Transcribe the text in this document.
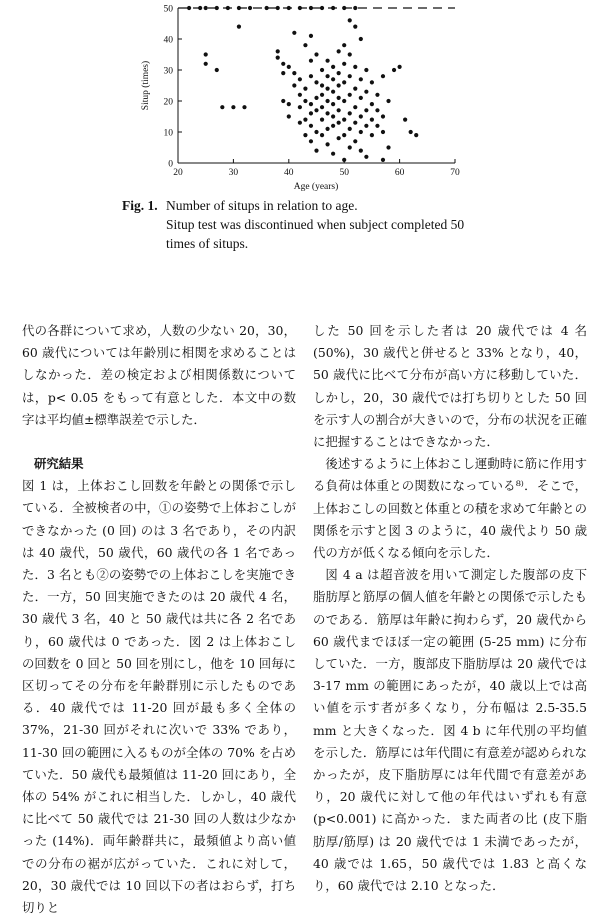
20	30	40	50	60	70
0
10
20
30
40
50
Situp (times)
Age (years)
Fig. 1. Number of situps in relation to age.
Situp test was discontinued when subject completed 50
times of situps.

代の各群について求め，人数の少ない 20，30，60 歳代については年齢別に相関を求めることはしなかった．差の検定および相関係数については，p< 0.05 をもって有意とした．本文中の数字は平均値±標準誤差で示した．

研究結果

図 1 は，上体おこし回数を年齢との関係で示している．全被検者の中，①の姿勢で上体おこしができなかった (0 回) のは 3 名であり，その内訳は 40 歳代，50 歳代，60 歳代の各 1 名であった．3 名とも②の姿勢での上体おこしを実施できた．一方，50 回実施できたのは 20 歳代 4 名，30 歳代 3 名，40 と 50 歳代は共に各 2 名であり，60 歳代は 0 であった．図 2 は上体おこしの回数を 0 回と 50 回を別にし，他を 10 回毎に区切ってその分布を年齢群別に示したものである．40 歳代では 11-20 回が最も多く全体の 37%，21-30 回がそれに次いで 33% であり，11-30 回の範囲に入るものが全体の 70% を占めていた．50 歳代も最頻値は 11-20 回にあり，全体の 54% がこれに相当した．しかし，40 歳代に比べて 50 歳代では 21-30 回の人数は少なかった (14%)．両年齢群共に，最頻値より高い値での分布の裾が広がっていた．これに対して，20，30 歳代では 10 回以下の者はおらず，打ち切りと

した 50 回を示した者は 20 歳代では 4 名 (50%)，30 歳代と併せると 33% となり，40，50 歳代に比べて分布が高い方に移動していた．しかし，20，30 歳代では打ち切りとした 50 回を示す人の割合が大きいので，分布の状況を正確に把握することはできなかった．

後述するように上体おこし運動時に筋に作用する負荷は体重との関数になっている⁸⁾．そこで，上体おこしの回数と体重との積を求めて年齢との関係を示すと図 3 のように，40 歳代より 50 歳代の方が低くなる傾向を示した．

図 4 a は超音波を用いて測定した腹部の皮下脂肪厚と筋厚の個人値を年齢との関係で示したものである．筋厚は年齢に拘わらず，20 歳代から 60 歳代までほぼ一定の範囲 (5-25 mm) に分布していた．一方，腹部皮下脂肪厚は 20 歳代では 3-17 mm の範囲にあったが，40 歳以上では高い値を示す者が多くなり，分布幅は 2.5-35.5 mm と大きくなった．図 4 b に年代別の平均値を示した．筋厚には年代間に有意差が認められなかったが，皮下脂肪厚には年代間で有意差があり，20 歳代に対して他の年代はいずれも有意 (p<0.001) に高かった．また両者の比 (皮下脂肪厚/筋厚) は 20 歳代では 1 未満であったが，40 歳では 1.65，50 歳代では 1.83 と高くなり，60 歳代では 2.10 となった．
